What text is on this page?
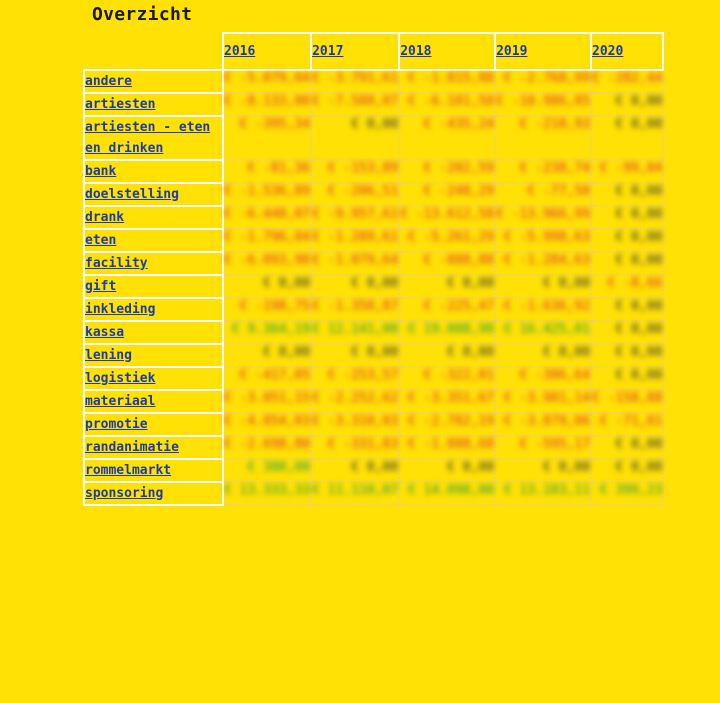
Overzicht
	2016	2017	2018	2019	2020
andere	€ -5.079,04	€ -3.791,61	€ -1.815,88	€ -2.768,99	€ -282,44
artiesten	€ -8.133,00	€ -7.588,07	€ -6.181,50	€ -10.986,85	€ 0,00
artiesten - eten en drinken	€ -395,34	€ 0,00	€ -435,24	€ -218,93	€ 0,00
bank	€ -81,36	€ -153,89	€ -202,59	€ -238,74	€ -99,04
doelstelling	€ -1.536,89	€ -206,51	€ -248,29	€ -77,50	€ 0,00
drank	€ -6.448,07	€ -9.957,61	€ -13.612,58	€ -13.966,99	€ 0,00
eten	€ -1.796,04	€ -1.289,61	€ -5.261,29	€ -5.998,63	€ 0,00
facility	€ -6.093,90	€ -1.079,64	€ -888,88	€ -1.284,63	€ 0,00
gift	€ 0,00	€ 0,00	€ 0,00	€ 0,00	€ -8,66
inkleding	€ -198,75	€ -1.358,87	€ -225,47	€ -1.636,92	€ 0,00
kassa	€ 9.364,19	€ 12.141,00	€ 19.008,98	€ 16.425,01	€ 0,00
lening	€ 0,00	€ 0,00	€ 0,00	€ 0,00	€ 0,00
logistiek	€ -417,05	€ -253,57	€ -322,01	€ -386,64	€ 0,00
materiaal	€ -3.051,15	€ -2.252,62	€ -3.351,67	€ -3.981,14	€ -158,88
promotie	€ -4.854,03	€ -3.310,03	€ -2.782,19	€ -3.879,06	€ -71,01
randanimatie	€ -2.698,80	€ -331,83	€ -1.888,68	€ -595,17	€ 0,00
rommelmarkt	€ 380,00	€ 0,00	€ 0,00	€ 0,00	€ 0,00
sponsoring	€ 13.333,33	€ 11.110,07	€ 14.098,00	€ 13.183,11	€ 399,23
